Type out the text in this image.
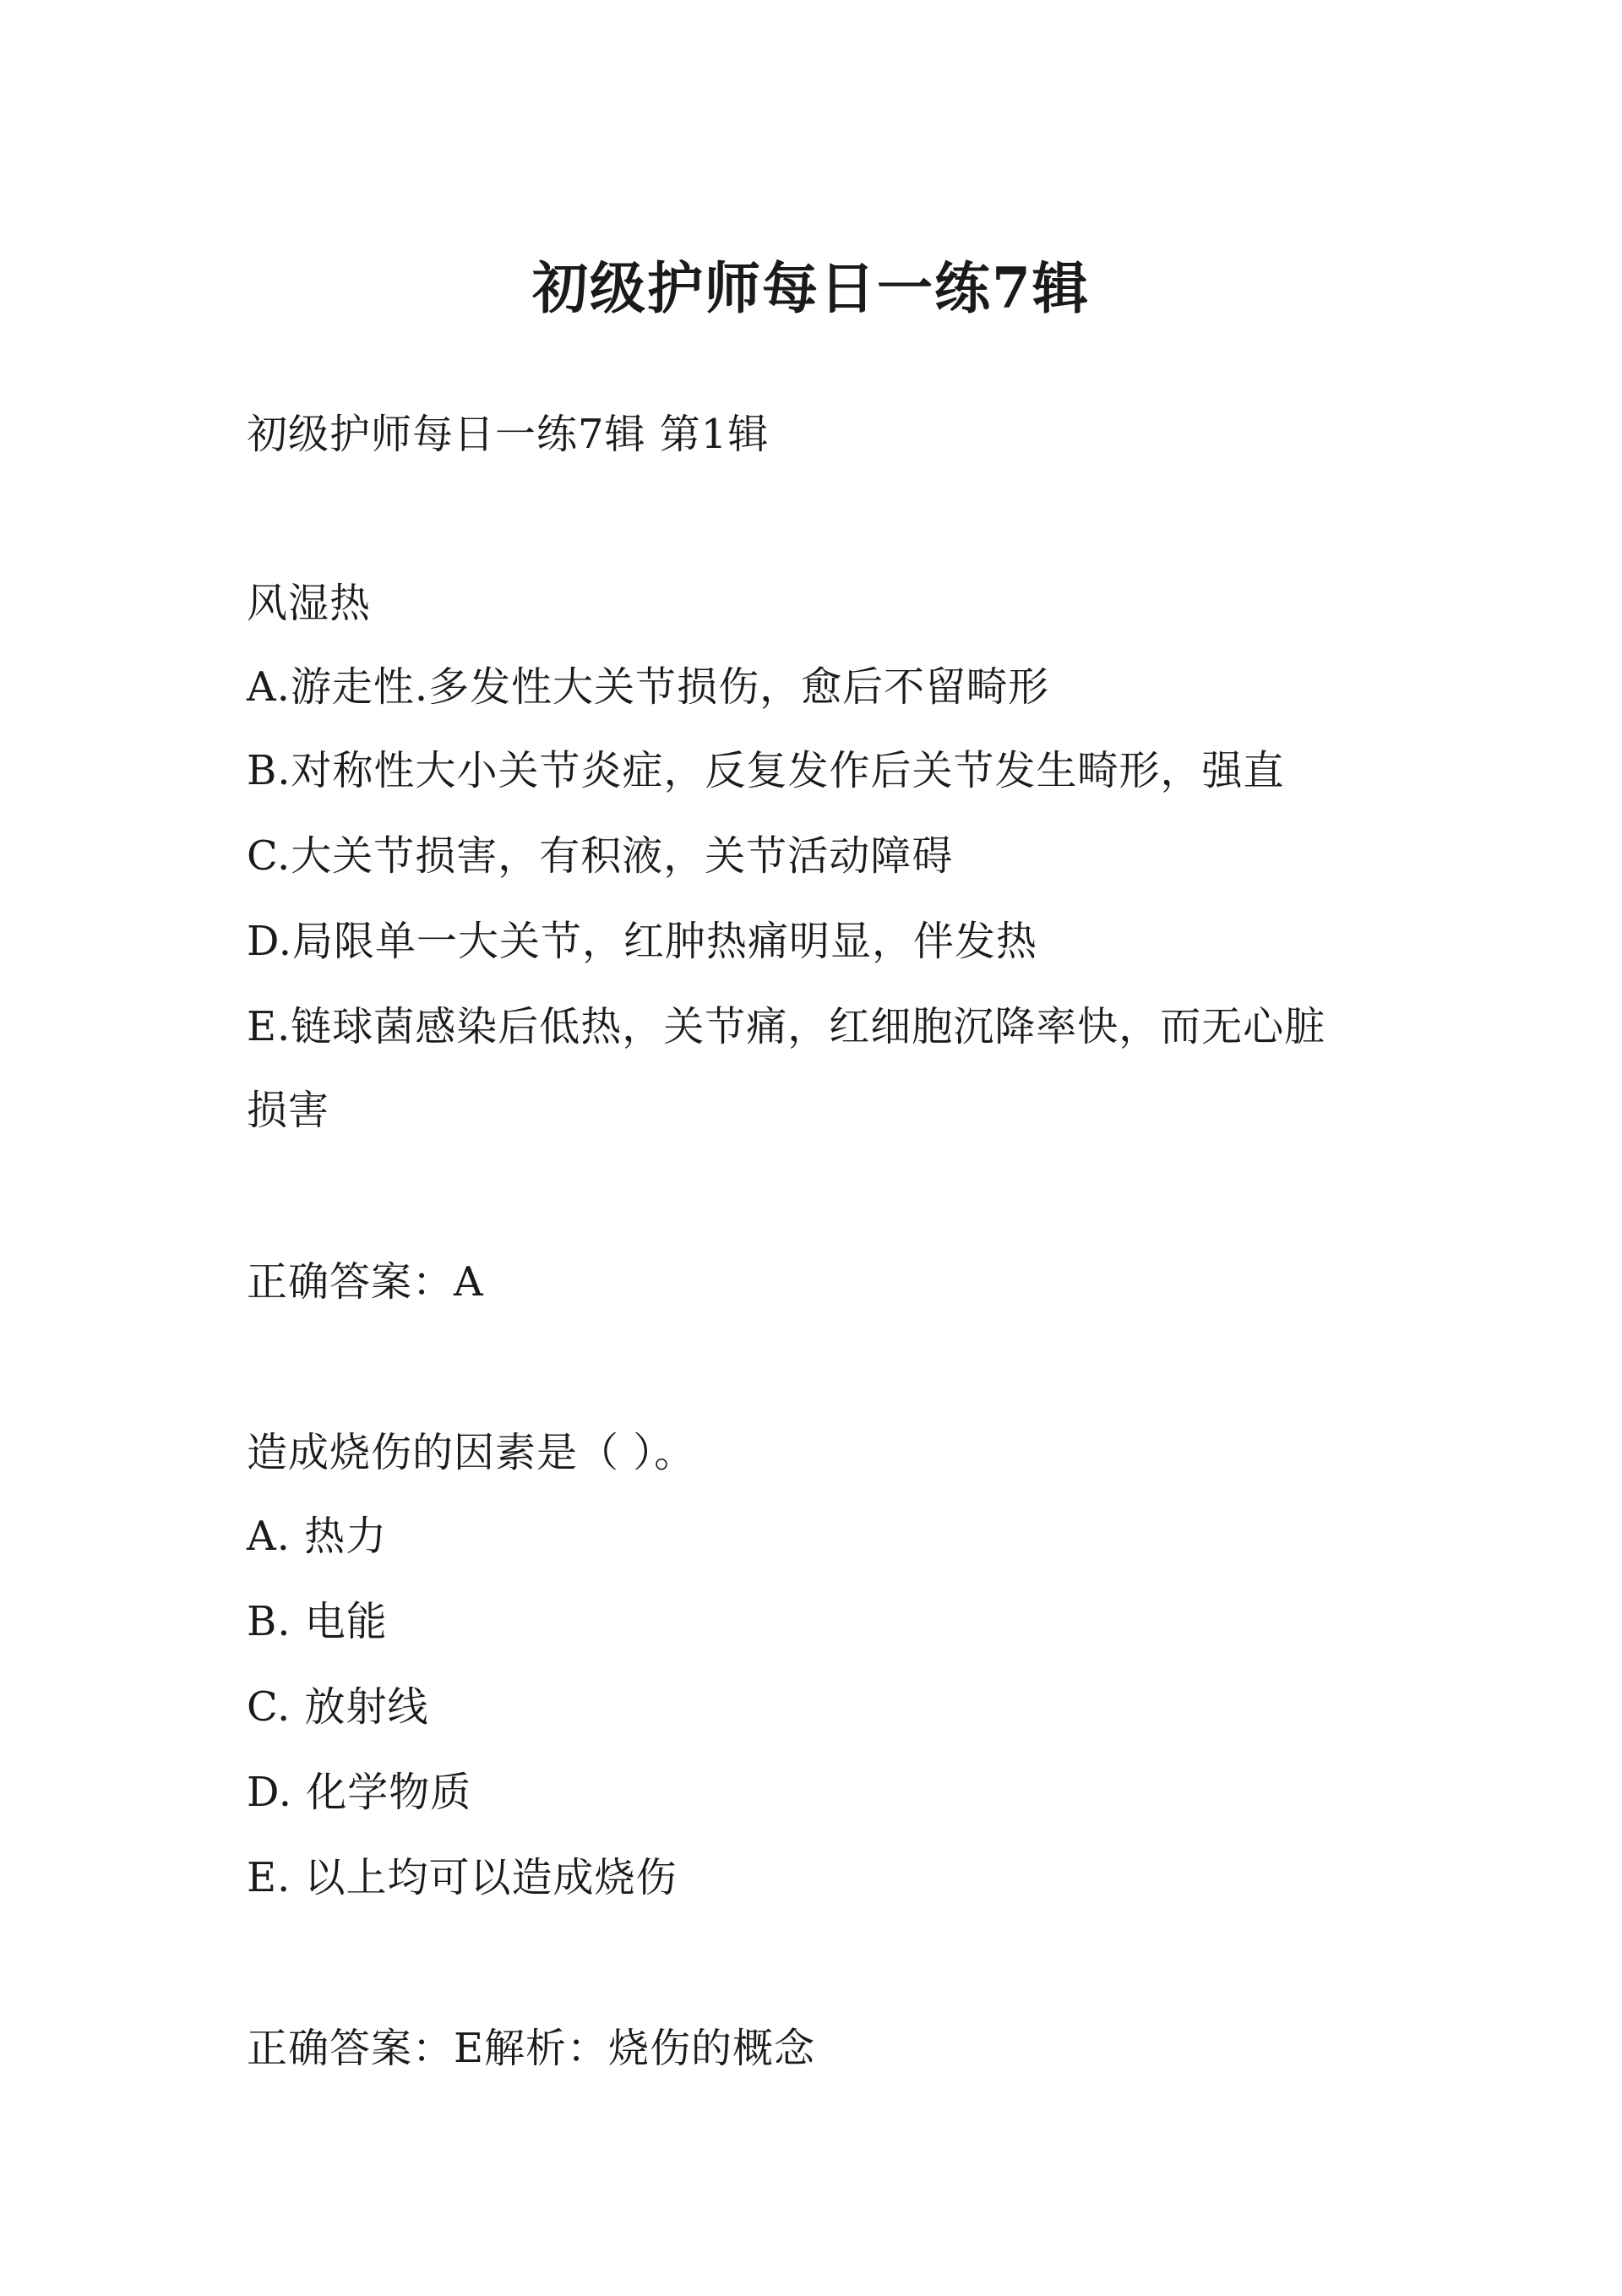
初级护师每日一练7辑

初级护师每日一练7辑 第1辑

风湿热

A.游走性.多发性大关节损伤，愈后不留畸形

B.对称性大小关节炎症，反复发作后关节发生畸形，强直

C.大关节损害，有积液，关节活动障碍

D.局限单一大关节，红肿热痛明显，伴发热

E.链球菌感染后低热，关节痛，红细胞沉降率快，而无心脏

损害

正确答案：A

造成烧伤的因素是（ ）。

A. 热力

B. 电能

C. 放射线

D. 化学物质

E. 以上均可以造成烧伤

正确答案：E解析：烧伤的概念
